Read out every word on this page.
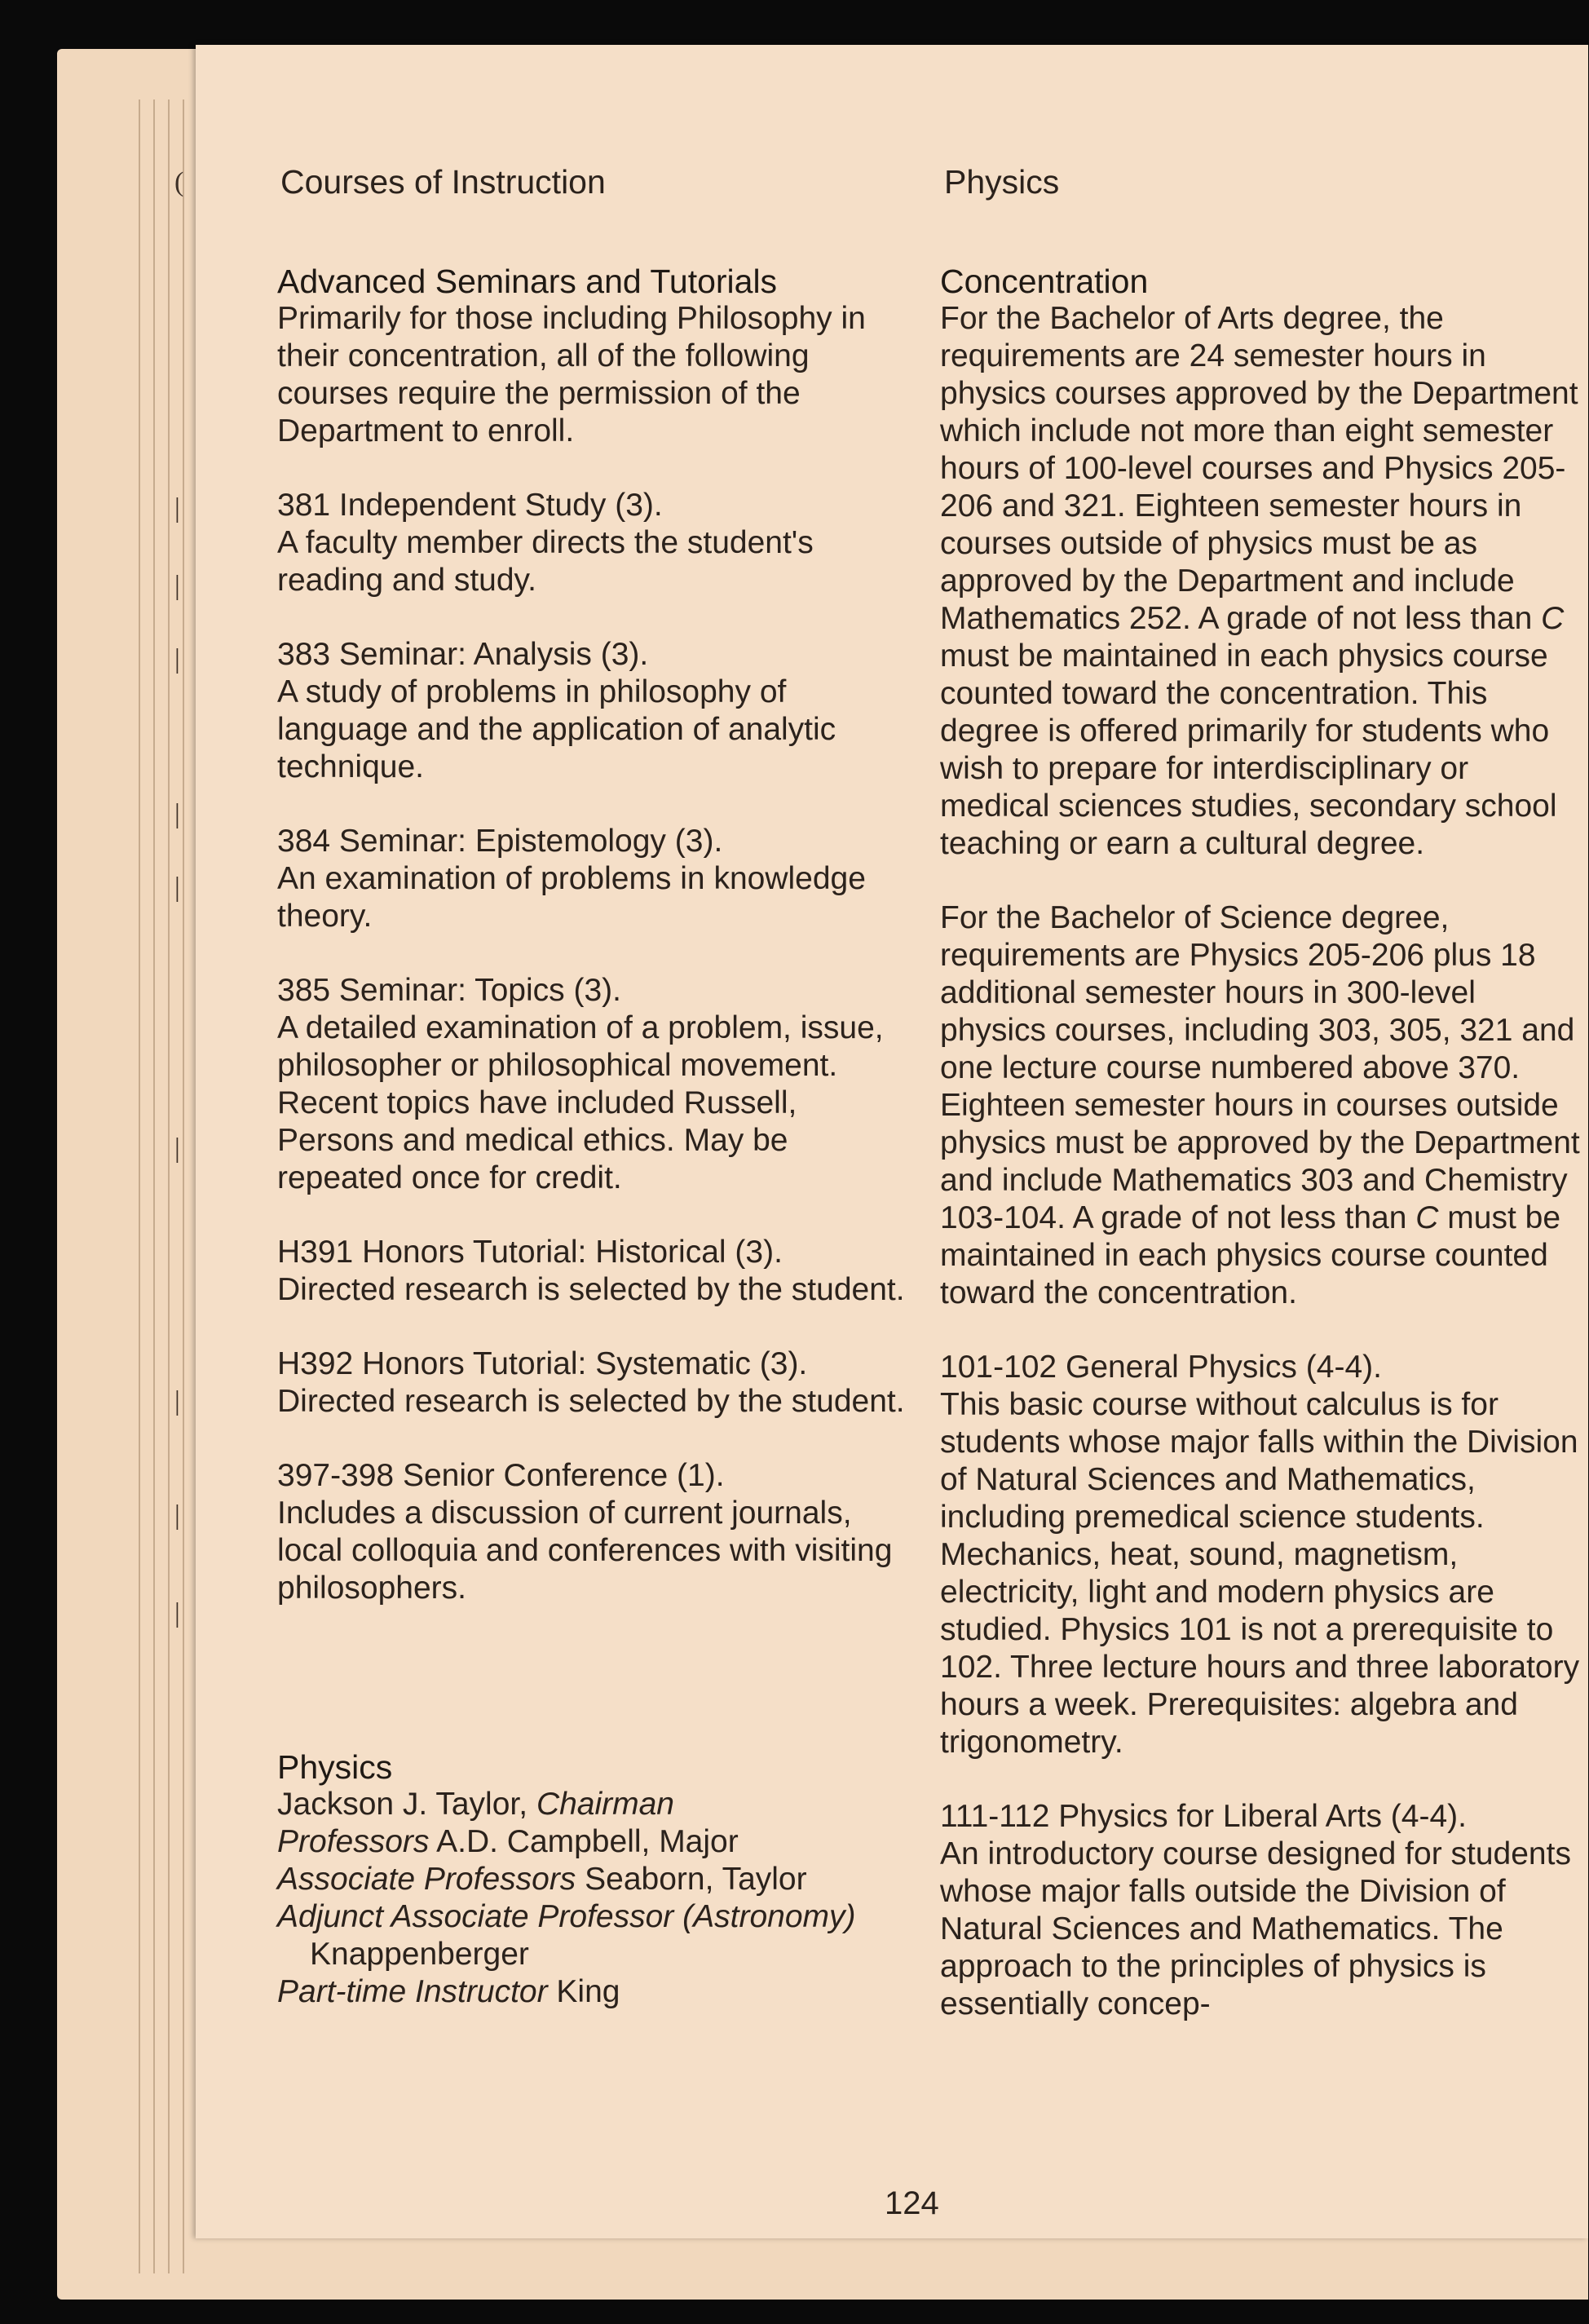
(
|
|
|
|
|
|
|
|
|
Courses of Instruction	Physics

Advanced Seminars and Tutorials

Primarily for those including Philosophy in their concentration, all of the following courses require the permission of the Department to enroll.

381 Independent Study (3).

A faculty member directs the student's reading and study.

383 Seminar: Analysis (3).

A study of problems in philosophy of language and the application of analytic technique.

384 Seminar: Epistemology (3).

An examination of problems in knowledge theory.

385 Seminar: Topics (3).

A detailed examination of a problem, issue, philosopher or philosophical movement. Recent topics have included Russell, Persons and medical ethics. May be repeated once for credit.

H391 Honors Tutorial: Historical (3).

Directed research is selected by the student.

H392 Honors Tutorial: Systematic (3).

Directed research is selected by the student.

397-398 Senior Conference (1).

Includes a discussion of current journals, local colloquia and conferences with visiting philosophers.

Physics

Jackson J. Taylor, Chairman

Professors A.D. Campbell, Major

Associate Professors Seaborn, Taylor

Adjunct Associate Professor (Astronomy)

Knappenberger

Part-time Instructor King

Concentration

For the Bachelor of Arts degree, the requirements are 24 semester hours in physics courses approved by the Department which include not more than eight semester hours of 100-level courses and Physics 205-206 and 321. Eighteen semester hours in courses outside of physics must be as approved by the Department and include Mathematics 252. A grade of not less than C must be maintained in each physics course counted toward the concentration. This degree is offered primarily for students who wish to prepare for interdisciplinary or medical sciences studies, secondary school teaching or earn a cultural degree.

For the Bachelor of Science degree, requirements are Physics 205-206 plus 18 additional semester hours in 300-level physics courses, including 303, 305, 321 and one lecture course numbered above 370. Eighteen semester hours in courses outside physics must be approved by the Department and include Mathematics 303 and Chemistry 103-104. A grade of not less than C must be maintained in each physics course counted toward the concentration.

101-102 General Physics (4-4).

This basic course without calculus is for students whose major falls within the Division of Natural Sciences and Mathematics, including premedical science students. Mechanics, heat, sound, magnetism, electricity, light and modern physics are studied. Physics 101 is not a prerequisite to 102. Three lecture hours and three laboratory hours a week. Prerequisites: algebra and trigonometry.

111-112 Physics for Liberal Arts (4-4).

An introductory course designed for students whose major falls outside the Division of Natural Sciences and Mathematics. The approach to the principles of physics is essentially concep-

124
